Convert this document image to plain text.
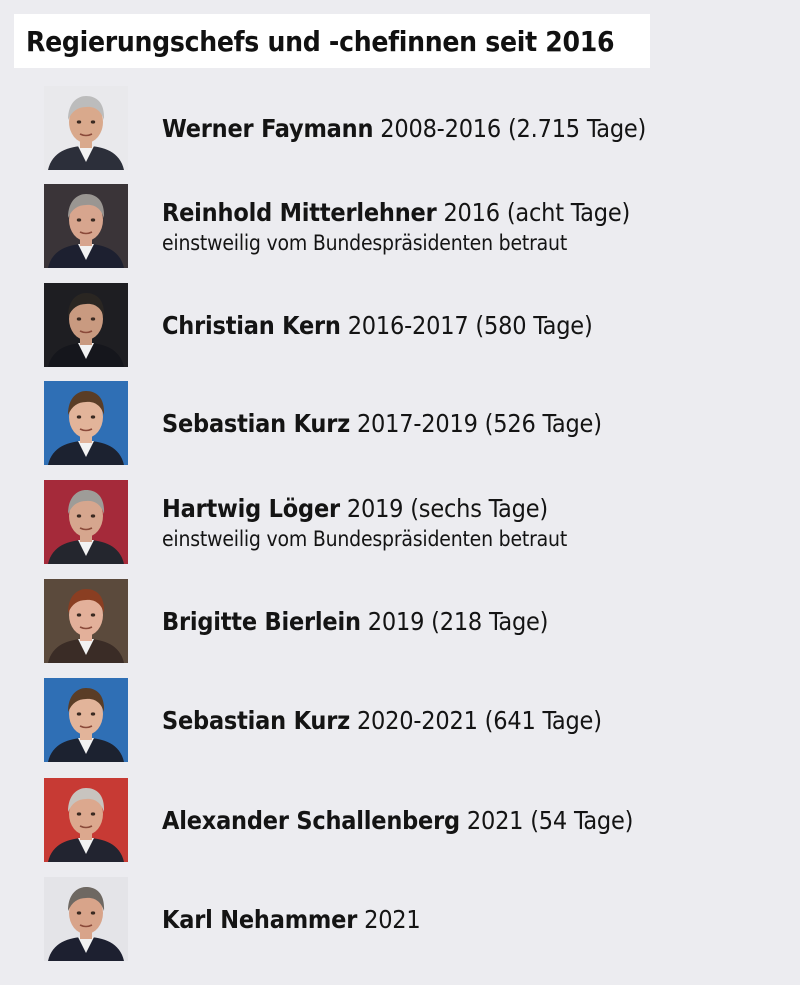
Regierungschefs und -chefinnen seit 2016
Werner Faymann 2008-2016 (2.715 Tage)
Reinhold Mitterlehner 2016 (acht Tage)
einstweilig vom Bundespräsidenten betraut
Christian Kern 2016-2017 (580 Tage)
Sebastian Kurz 2017-2019 (526 Tage)
Hartwig Löger 2019 (sechs Tage)
einstweilig vom Bundespräsidenten betraut
Brigitte Bierlein 2019 (218 Tage)
Sebastian Kurz 2020-2021 (641 Tage)
Alexander Schallenberg 2021 (54 Tage)
Karl Nehammer 2021
